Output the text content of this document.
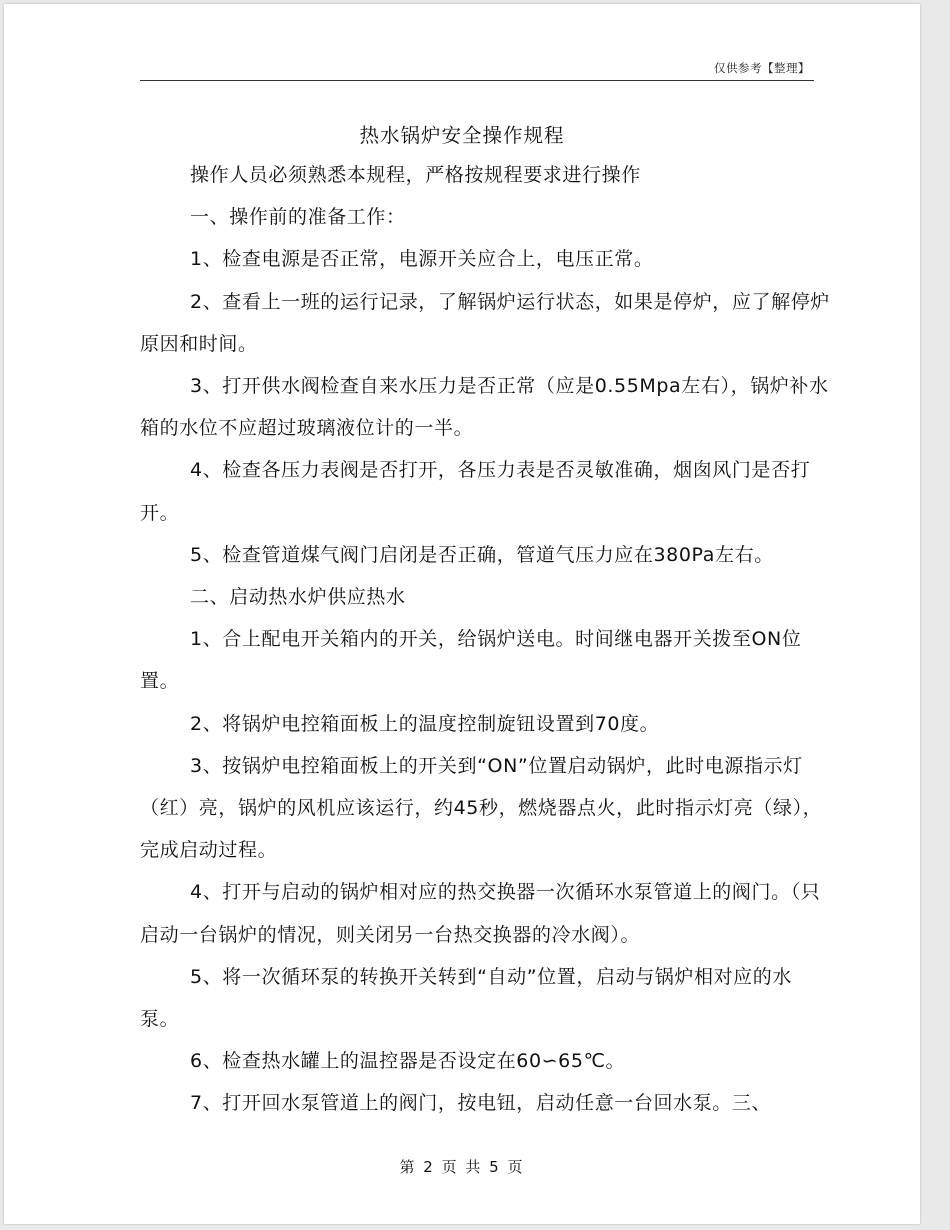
仅供参考【整理】
热水锅炉安全操作规程

操作人员必须熟悉本规程，严格按规程要求进行操作

一、操作前的准备工作：

1、检查电源是否正常，电源开关应合上，电压正常。

2、查看上一班的运行记录，了解锅炉运行状态，如果是停炉，应了解停炉原因和时间。

3、打开供水阀检查自来水压力是否正常（应是0.55Mpa左右），锅炉补水箱的水位不应超过玻璃液位计的一半。

4、检查各压力表阀是否打开，各压力表是否灵敏准确，烟囱风门是否打开。

5、检查管道煤气阀门启闭是否正确，管道气压力应在380Pa左右。

二、启动热水炉供应热水

1、合上配电开关箱内的开关，给锅炉送电。时间继电器开关拨至ON位置。

2、将锅炉电控箱面板上的温度控制旋钮设置到70度。

3、按锅炉电控箱面板上的开关到“ON”位置启动锅炉，此时电源指示灯（红）亮，锅炉的风机应该运行，约45秒，燃烧器点火，此时指示灯亮（绿），完成启动过程。

4、打开与启动的锅炉相对应的热交换器一次循环水泵管道上的阀门。（只启动一台锅炉的情况，则关闭另一台热交换器的冷水阀）。

5、将一次循环泵的转换开关转到“自动”位置，启动与锅炉相对应的水泵。

6、检查热水罐上的温控器是否设定在60∽65℃。

7、打开回水泵管道上的阀门，按电钮，启动任意一台回水泵。三、

第 2 页 共 5 页
